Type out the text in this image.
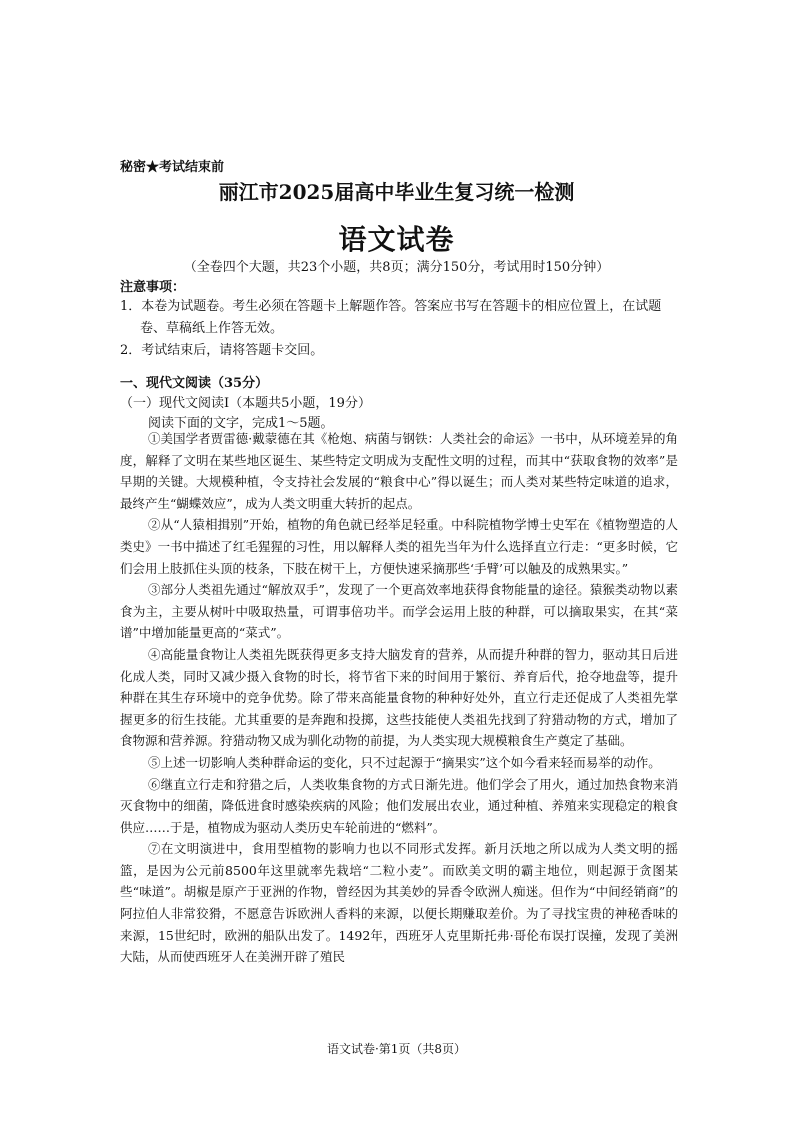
秘密★考试结束前
丽江市2025届高中毕业生复习统一检测
语文试卷
（全卷四个大题，共23个小题，共8页；满分150分，考试用时150分钟）
注意事项：

1．本卷为试题卷。考生必须在答题卡上解题作答。答案应书写在答题卡的相应位置上，在试题卷、草稿纸上作答无效。

2．考试结束后，请将答题卡交回。

一、现代文阅读（35分）
（一）现代文阅读Ⅰ（本题共5小题，19分）
阅读下面的文字，完成1～5题。

①美国学者贾雷德·戴蒙德在其《枪炮、病菌与钢铁：人类社会的命运》一书中，从环境差异的角度，解释了文明在某些地区诞生、某些特定文明成为支配性文明的过程，而其中“获取食物的效率”是早期的关键。大规模种植，令支持社会发展的“粮食中心”得以诞生；而人类对某些特定味道的追求，最终产生“蝴蝶效应”，成为人类文明重大转折的起点。

②从“人猿相揖别”开始，植物的角色就已经举足轻重。中科院植物学博士史军在《植物塑造的人类史》一书中描述了红毛猩猩的习性，用以解释人类的祖先当年为什么选择直立行走：“更多时候，它们会用上肢抓住头顶的枝条，下肢在树干上，方便快速采摘那些‘手臂’可以触及的成熟果实。”

③部分人类祖先通过“解放双手”，发现了一个更高效率地获得食物能量的途径。猿猴类动物以素食为主，主要从树叶中吸取热量，可谓事倍功半。而学会运用上肢的种群，可以摘取果实，在其“菜谱”中增加能量更高的“菜式”。

④高能量食物让人类祖先既获得更多支持大脑发育的营养，从而提升种群的智力，驱动其日后进化成人类，同时又减少摄入食物的时长，将节省下来的时间用于繁衍、养育后代，抢夺地盘等，提升种群在其生存环境中的竞争优势。除了带来高能量食物的种种好处外，直立行走还促成了人类祖先掌握更多的衍生技能。尤其重要的是奔跑和投掷，这些技能使人类祖先找到了狩猎动物的方式，增加了食物源和营养源。狩猎动物又成为驯化动物的前提，为人类实现大规模粮食生产奠定了基础。

⑤上述一切影响人类种群命运的变化，只不过起源于“摘果实”这个如今看来轻而易举的动作。

⑥继直立行走和狩猎之后，人类收集食物的方式日渐先进。他们学会了用火，通过加热食物来消灭食物中的细菌，降低进食时感染疾病的风险；他们发展出农业，通过种植、养殖来实现稳定的粮食供应……于是，植物成为驱动人类历史车轮前进的“燃料”。

⑦在文明演进中，食用型植物的影响力也以不同形式发挥。新月沃地之所以成为人类文明的摇篮，是因为公元前8500年这里就率先栽培“二粒小麦”。而欧美文明的霸主地位，则起源于贪图某些“味道”。胡椒是原产于亚洲的作物，曾经因为其美妙的异香令欧洲人痴迷。但作为“中间经销商”的阿拉伯人非常狡猾，不愿意告诉欧洲人香料的来源，以便长期赚取差价。为了寻找宝贵的神秘香味的来源，15世纪时，欧洲的船队出发了。1492年，西班牙人克里斯托弗·哥伦布误打误撞，发现了美洲大陆，从而使西班牙人在美洲开辟了殖民

语文试卷·第1页（共8页）
